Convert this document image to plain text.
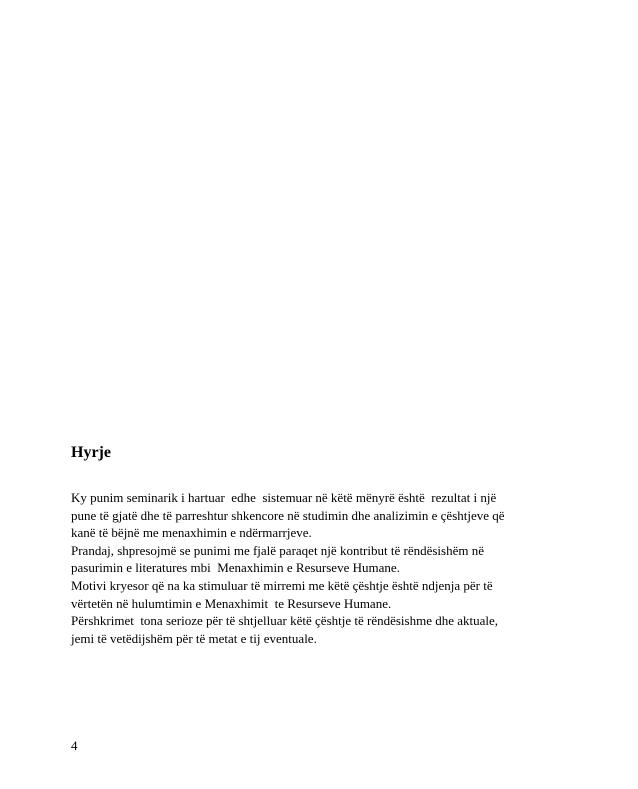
Hyrje
Ky punim seminarik i hartuar  edhe  sistemuar në këtë mënyrë është  rezultat i një
pune të gjatë dhe të parreshtur shkencore në studimin dhe analizimin e çështjeve që
kanë të bëjnë me menaxhimin e ndërmarrjeve.
Prandaj, shpresojmë se punimi me fjalë paraqet një kontribut të rëndësishëm në
pasurimin e literatures mbi  Menaxhimin e Resurseve Humane.
Motivi kryesor që na ka stimuluar të mirremi me këtë çështje është ndjenja për të
vërtetën në hulumtimin e Menaxhimit  te Resurseve Humane.
Përshkrimet  tona serioze për të shtjelluar këtë çështje të rëndësishme dhe aktuale,
jemi të vetëdijshëm për të metat e tij eventuale.
4
